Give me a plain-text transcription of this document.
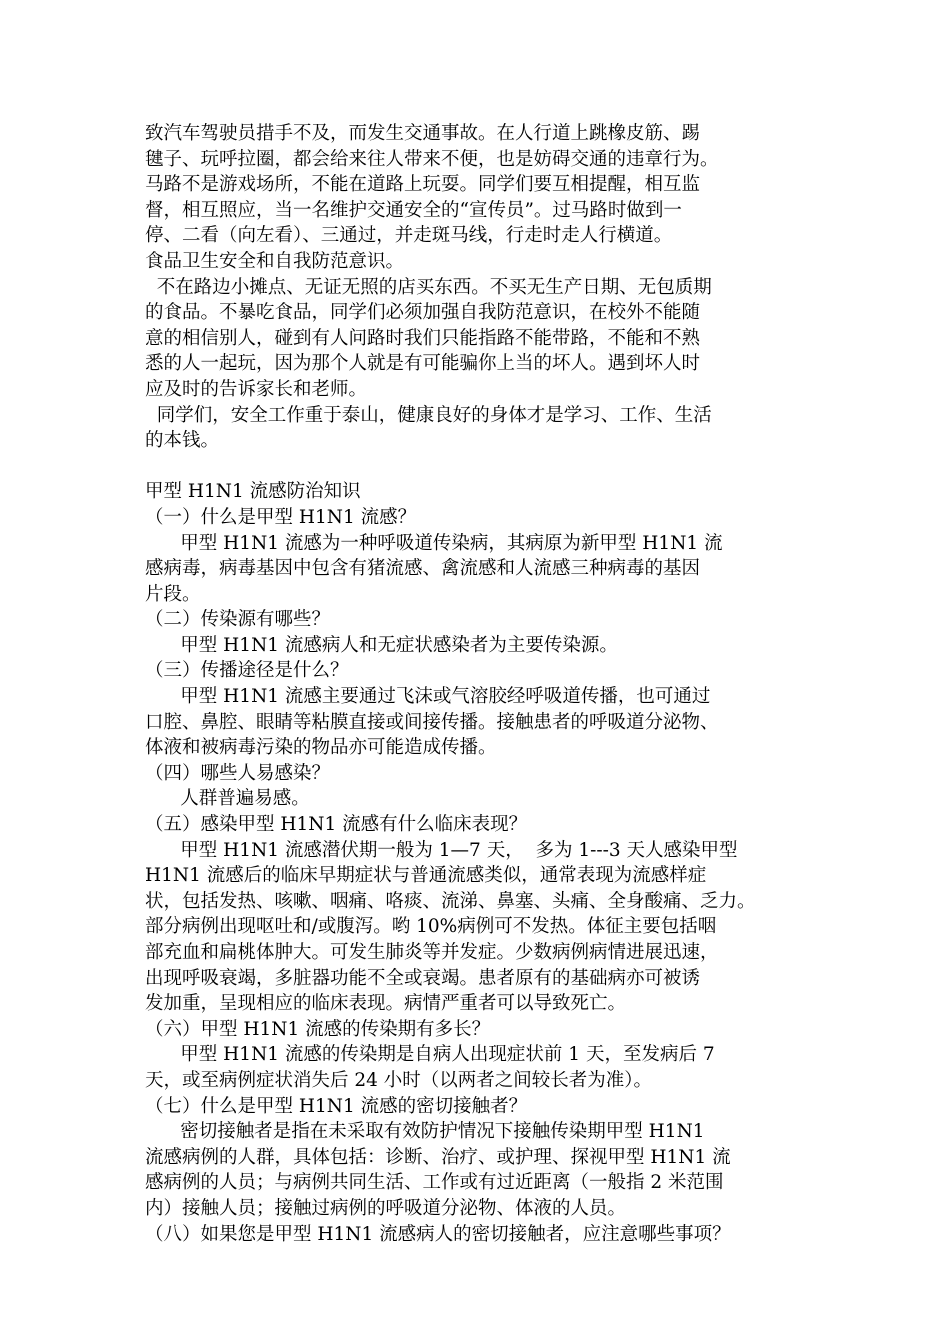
致汽车驾驶员措手不及，而发生交通事故。在人行道上跳橡皮筋、踢
毽子、玩呼拉圈，都会给来往人带来不便，也是妨碍交通的违章行为。
马路不是游戏场所，不能在道路上玩耍。同学们要互相提醒，相互监
督，相互照应，当一名维护交通安全的“宣传员”。过马路时做到一
停、二看（向左看）、三通过，并走斑马线，行走时走人行横道。
食品卫生安全和自我防范意识。
不在路边小摊点、无证无照的店买东西。不买无生产日期、无包质期
的食品。不暴吃食品，同学们必须加强自我防范意识，在校外不能随
意的相信别人，碰到有人问路时我们只能指路不能带路，不能和不熟
悉的人一起玩，因为那个人就是有可能骗你上当的坏人。遇到坏人时
应及时的告诉家长和老师。
同学们，安全工作重于泰山，健康良好的身体才是学习、工作、生活
的本钱。
甲型 H1N1 流感防治知识
（一）什么是甲型 H1N1 流感？
甲型 H1N1 流感为一种呼吸道传染病，其病原为新甲型 H1N1 流
感病毒，病毒基因中包含有猪流感、禽流感和人流感三种病毒的基因
片段。
（二）传染源有哪些？
甲型 H1N1 流感病人和无症状感染者为主要传染源。
（三）传播途径是什么？
甲型 H1N1 流感主要通过飞沫或气溶胶经呼吸道传播，也可通过
口腔、鼻腔、眼睛等粘膜直接或间接传播。接触患者的呼吸道分泌物、
体液和被病毒污染的物品亦可能造成传播。
（四）哪些人易感染？
人群普遍易感。
（五）感染甲型 H1N1 流感有什么临床表现？
甲型 H1N1 流感潜伏期一般为 1—7 天，  多为 1---3 天人感染甲型
H1N1 流感后的临床早期症状与普通流感类似，通常表现为流感样症
状，包括发热、咳嗽、咽痛、咯痰、流涕、鼻塞、头痛、全身酸痛、乏力。
部分病例出现呕吐和/或腹泻。哟 10%病例可不发热。体征主要包括咽
部充血和扁桃体肿大。可发生肺炎等并发症。少数病例病情进展迅速，
出现呼吸衰竭，多脏器功能不全或衰竭。患者原有的基础病亦可被诱
发加重，呈现相应的临床表现。病情严重者可以导致死亡。
（六）甲型 H1N1 流感的传染期有多长？
甲型 H1N1 流感的传染期是自病人出现症状前 1 天，至发病后 7
天，或至病例症状消失后 24 小时（以两者之间较长者为准）。
（七）什么是甲型 H1N1 流感的密切接触者？
密切接触者是指在未采取有效防护情况下接触传染期甲型 H1N1
流感病例的人群，具体包括：诊断、治疗、或护理、探视甲型 H1N1 流
感病例的人员；与病例共同生活、工作或有过近距离（一般指 2 米范围
内）接触人员；接触过病例的呼吸道分泌物、体液的人员。
（八）如果您是甲型 H1N1 流感病人的密切接触者，应注意哪些事项？
